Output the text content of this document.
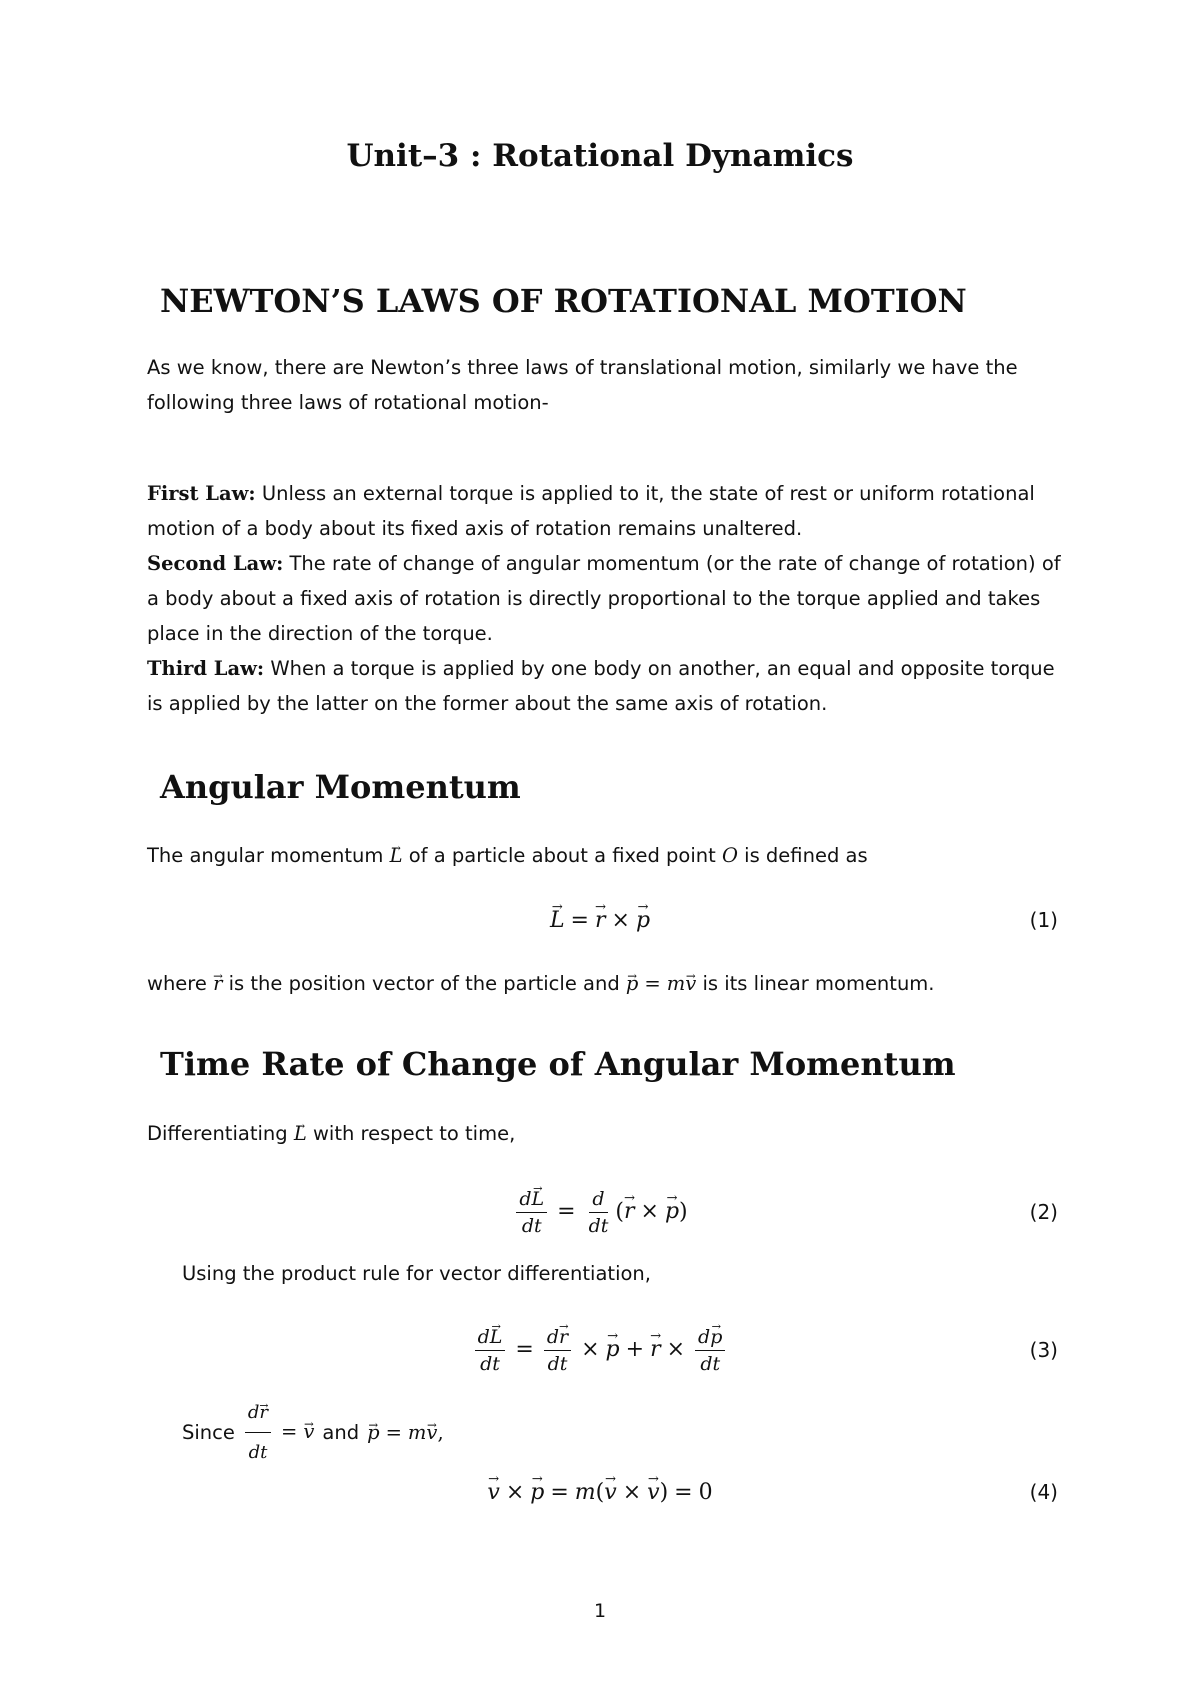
Unit–3 : Rotational Dynamics
NEWTON’S LAWS OF ROTATIONAL MOTION
As we know, there are Newton’s three laws of translational motion, similarly we have the following three laws of rotational motion-
First Law: Unless an external torque is applied to it, the state of rest or uniform rotational motion of a body about its fixed axis of rotation remains unaltered.
Second Law: The rate of change of angular momentum (or the rate of change of rotation) of a body about a fixed axis of rotation is directly proportional to the torque applied and takes place in the direction of the torque.
Third Law: When a torque is applied by one body on another, an equal and opposite torque is applied by the latter on the former about the same axis of rotation.
Angular Momentum
The angular momentum → L of a particle about a fixed point O is defined as
→ L =→ r ×→ p	(1)
where → r is the position vector of the particle and → p = m→ v is its linear momentum.
Time Rate of Change of Angular Momentum
Differentiating → L with respect to time,
$\frac{d\to L}{dt} = \frac{d}{dt}$ (→ r ×→ p)	(2)
Using the product rule for vector differentiation,
$\frac{d\to L}{dt} = \frac{d\to r}{dt} \times\to p +\to r \times \frac{d\to p}{dt}$	(3)
Since $\frac{d\to r}{dt} =\to v$ and
→ p = m→ v,
→ v ×→ p = m(→ v ×→ v) = 0	(4)
1
